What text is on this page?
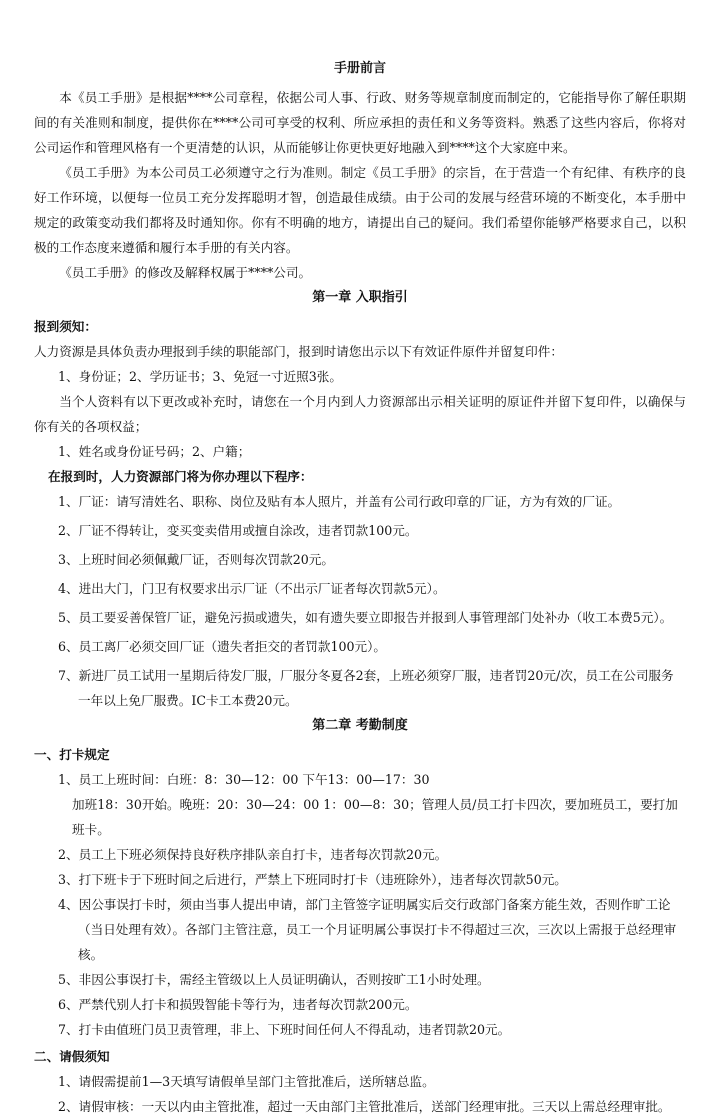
手册前言

本《员工手册》是根据****公司章程，依据公司人事、行政、财务等规章制度而制定的，它能指导你了解任职期间的有关准则和制度，提供你在****公司可享受的权利、所应承担的责任和义务等资料。熟悉了这些内容后，你将对公司运作和管理风格有一个更清楚的认识，从而能够让你更快更好地融入到****这个大家庭中来。

《员工手册》为本公司员工必须遵守之行为准则。制定《员工手册》的宗旨，在于营造一个有纪律、有秩序的良好工作环境，以便每一位员工充分发挥聪明才智，创造最佳成绩。由于公司的发展与经营环境的不断变化，本手册中规定的政策变动我们都将及时通知你。你有不明确的地方，请提出自己的疑问。我们希望你能够严格要求自己，以积极的工作态度来遵循和履行本手册的有关内容。

《员工手册》的修改及解释权属于****公司。

第一章 入职指引

报到须知：

人力资源是具体负责办理报到手续的职能部门，报到时请您出示以下有效证件原件并留复印件：

1、身份证；2、学历证书；3、免冠一寸近照3张。

当个人资料有以下更改或补充时，请您在一个月内到人力资源部出示相关证明的原证件并留下复印件，以确保与你有关的各项权益；

1、姓名或身份证号码；2、户籍；

在报到时，人力资源部门将为你办理以下程序：

1、厂证：请写清姓名、职称、岗位及贴有本人照片，并盖有公司行政印章的厂证，方为有效的厂证。
2、厂证不得转让，变买变卖借用或擅自涂改，违者罚款100元。
3、上班时间必须佩戴厂证，否则每次罚款20元。
4、进出大门，门卫有权要求出示厂证（不出示厂证者每次罚款5元）。
5、员工要妥善保管厂证，避免污损或遗失，如有遗失要立即报告并报到人事管理部门处补办（收工本费5元）。
6、员工离厂必须交回厂证（遗失者拒交的者罚款100元）。

7、新进厂员工试用一星期后待发厂服，厂服分冬夏各2套，上班必须穿厂服，违者罚20元/次，员工在公司服务

一年以上免厂服费。IC卡工本费20元。

第二章 考勤制度

一、打卡规定

1、员工上班时间：白班：8：30—12：00 下午13：00—17：30

加班18：30开始。晚班：20：30—24：00 1：00—8：30；管理人员/员工打卡四次，要加班员工，要打加班卡。

2、员工上下班必须保持良好秩序排队亲自打卡，违者每次罚款20元。

3、打下班卡于下班时间之后进行，严禁上下班同时打卡（违班除外），违者每次罚款50元。

4、因公事误打卡时，须由当事人提出申请，部门主管签字证明属实后交行政部门备案方能生效，否则作旷工论

（当日处理有效）。各部门主管注意，员工一个月证明属公事误打卡不得超过三次，三次以上需报于总经理审核。

5、非因公事误打卡，需经主管级以上人员证明确认，否则按旷工1小时处理。

6、严禁代别人打卡和损毁智能卡等行为，违者每次罚款200元。

7、打卡由值班门员卫责管理，非上、下班时间任何人不得乱动，违者罚款20元。

二、请假须知

1、请假需提前1—3天填写请假单呈部门主管批准后，送所辖总监。

2、请假审核：一天以内由主管批准，超过一天由部门主管批准后，送部门经理审批。三天以上需总经理审批。
